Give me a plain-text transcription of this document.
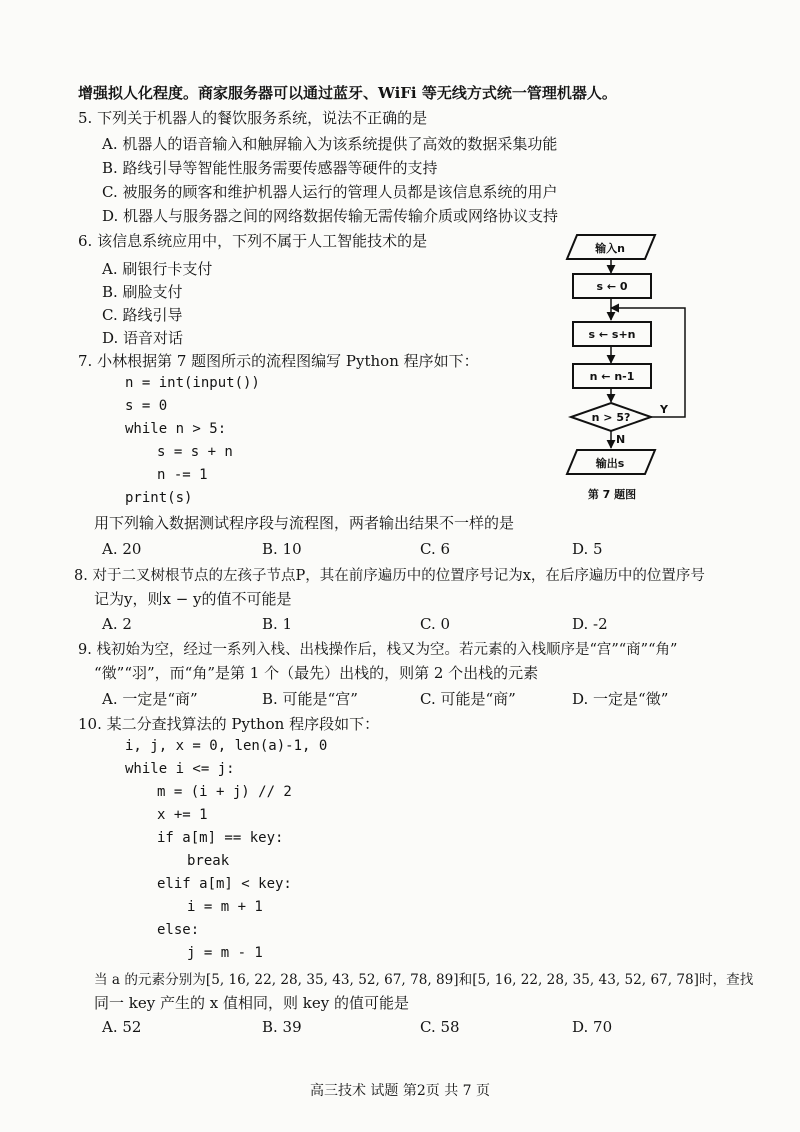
增强拟人化程度。商家服务器可以通过蓝牙、WiFi 等无线方式统一管理机器人。
5. 下列关于机器人的餐饮服务系统，说法不正确的是
A. 机器人的语音输入和触屏输入为该系统提供了高效的数据采集功能
B. 路线引导等智能性服务需要传感器等硬件的支持
C. 被服务的顾客和维护机器人运行的管理人员都是该信息系统的用户
D. 机器人与服务器之间的网络数据传输无需传输介质或网络协议支持
6. 该信息系统应用中，下列不属于人工智能技术的是
A. 刷银行卡支付
B. 刷脸支付
C. 路线引导
D. 语音对话
7. 小林根据第 7 题图所示的流程图编写 Python 程序如下：
n = int(input())
s = 0
while n > 5:
s = s + n
n -= 1
print(s)
用下列输入数据测试程序段与流程图，两者输出结果不一样的是
A. 20	B. 10	C. 6	D. 5
输入n
s ← 0
s ← s+n
n ← n-1
n > 5?
Y
N
输出s
第 7 题图
8. 对于二叉树根节点的左孩子节点P，其在前序遍历中的位置序号记为x，在后序遍历中的位置序号
记为y，则x − y的值不可能是
A. 2	B. 1	C. 0	D. -2
9. 栈初始为空，经过一系列入栈、出栈操作后，栈又为空。若元素的入栈顺序是“宫”“商”“角”
“徵”“羽”，而“角”是第 1 个（最先）出栈的，则第 2 个出栈的元素
A. 一定是“商”	B. 可能是“宫”	C. 可能是“商”	D. 一定是“徵”
10. 某二分查找算法的 Python 程序段如下：
i, j, x = 0, len(a)-1, 0
while i <= j:
m = (i + j) // 2
x += 1
if a[m] == key:
break
elif a[m] < key:
i = m + 1
else:
j = m - 1
当 a 的元素分别为[5, 16, 22, 28, 35, 43, 52, 67, 78, 89]和[5, 16, 22, 28, 35, 43, 52, 67, 78]时，查找
同一 key 产生的 x 值相同，则 key 的值可能是
A. 52	B. 39	C. 58	D. 70
高三技术 试题 第2页 共 7 页
